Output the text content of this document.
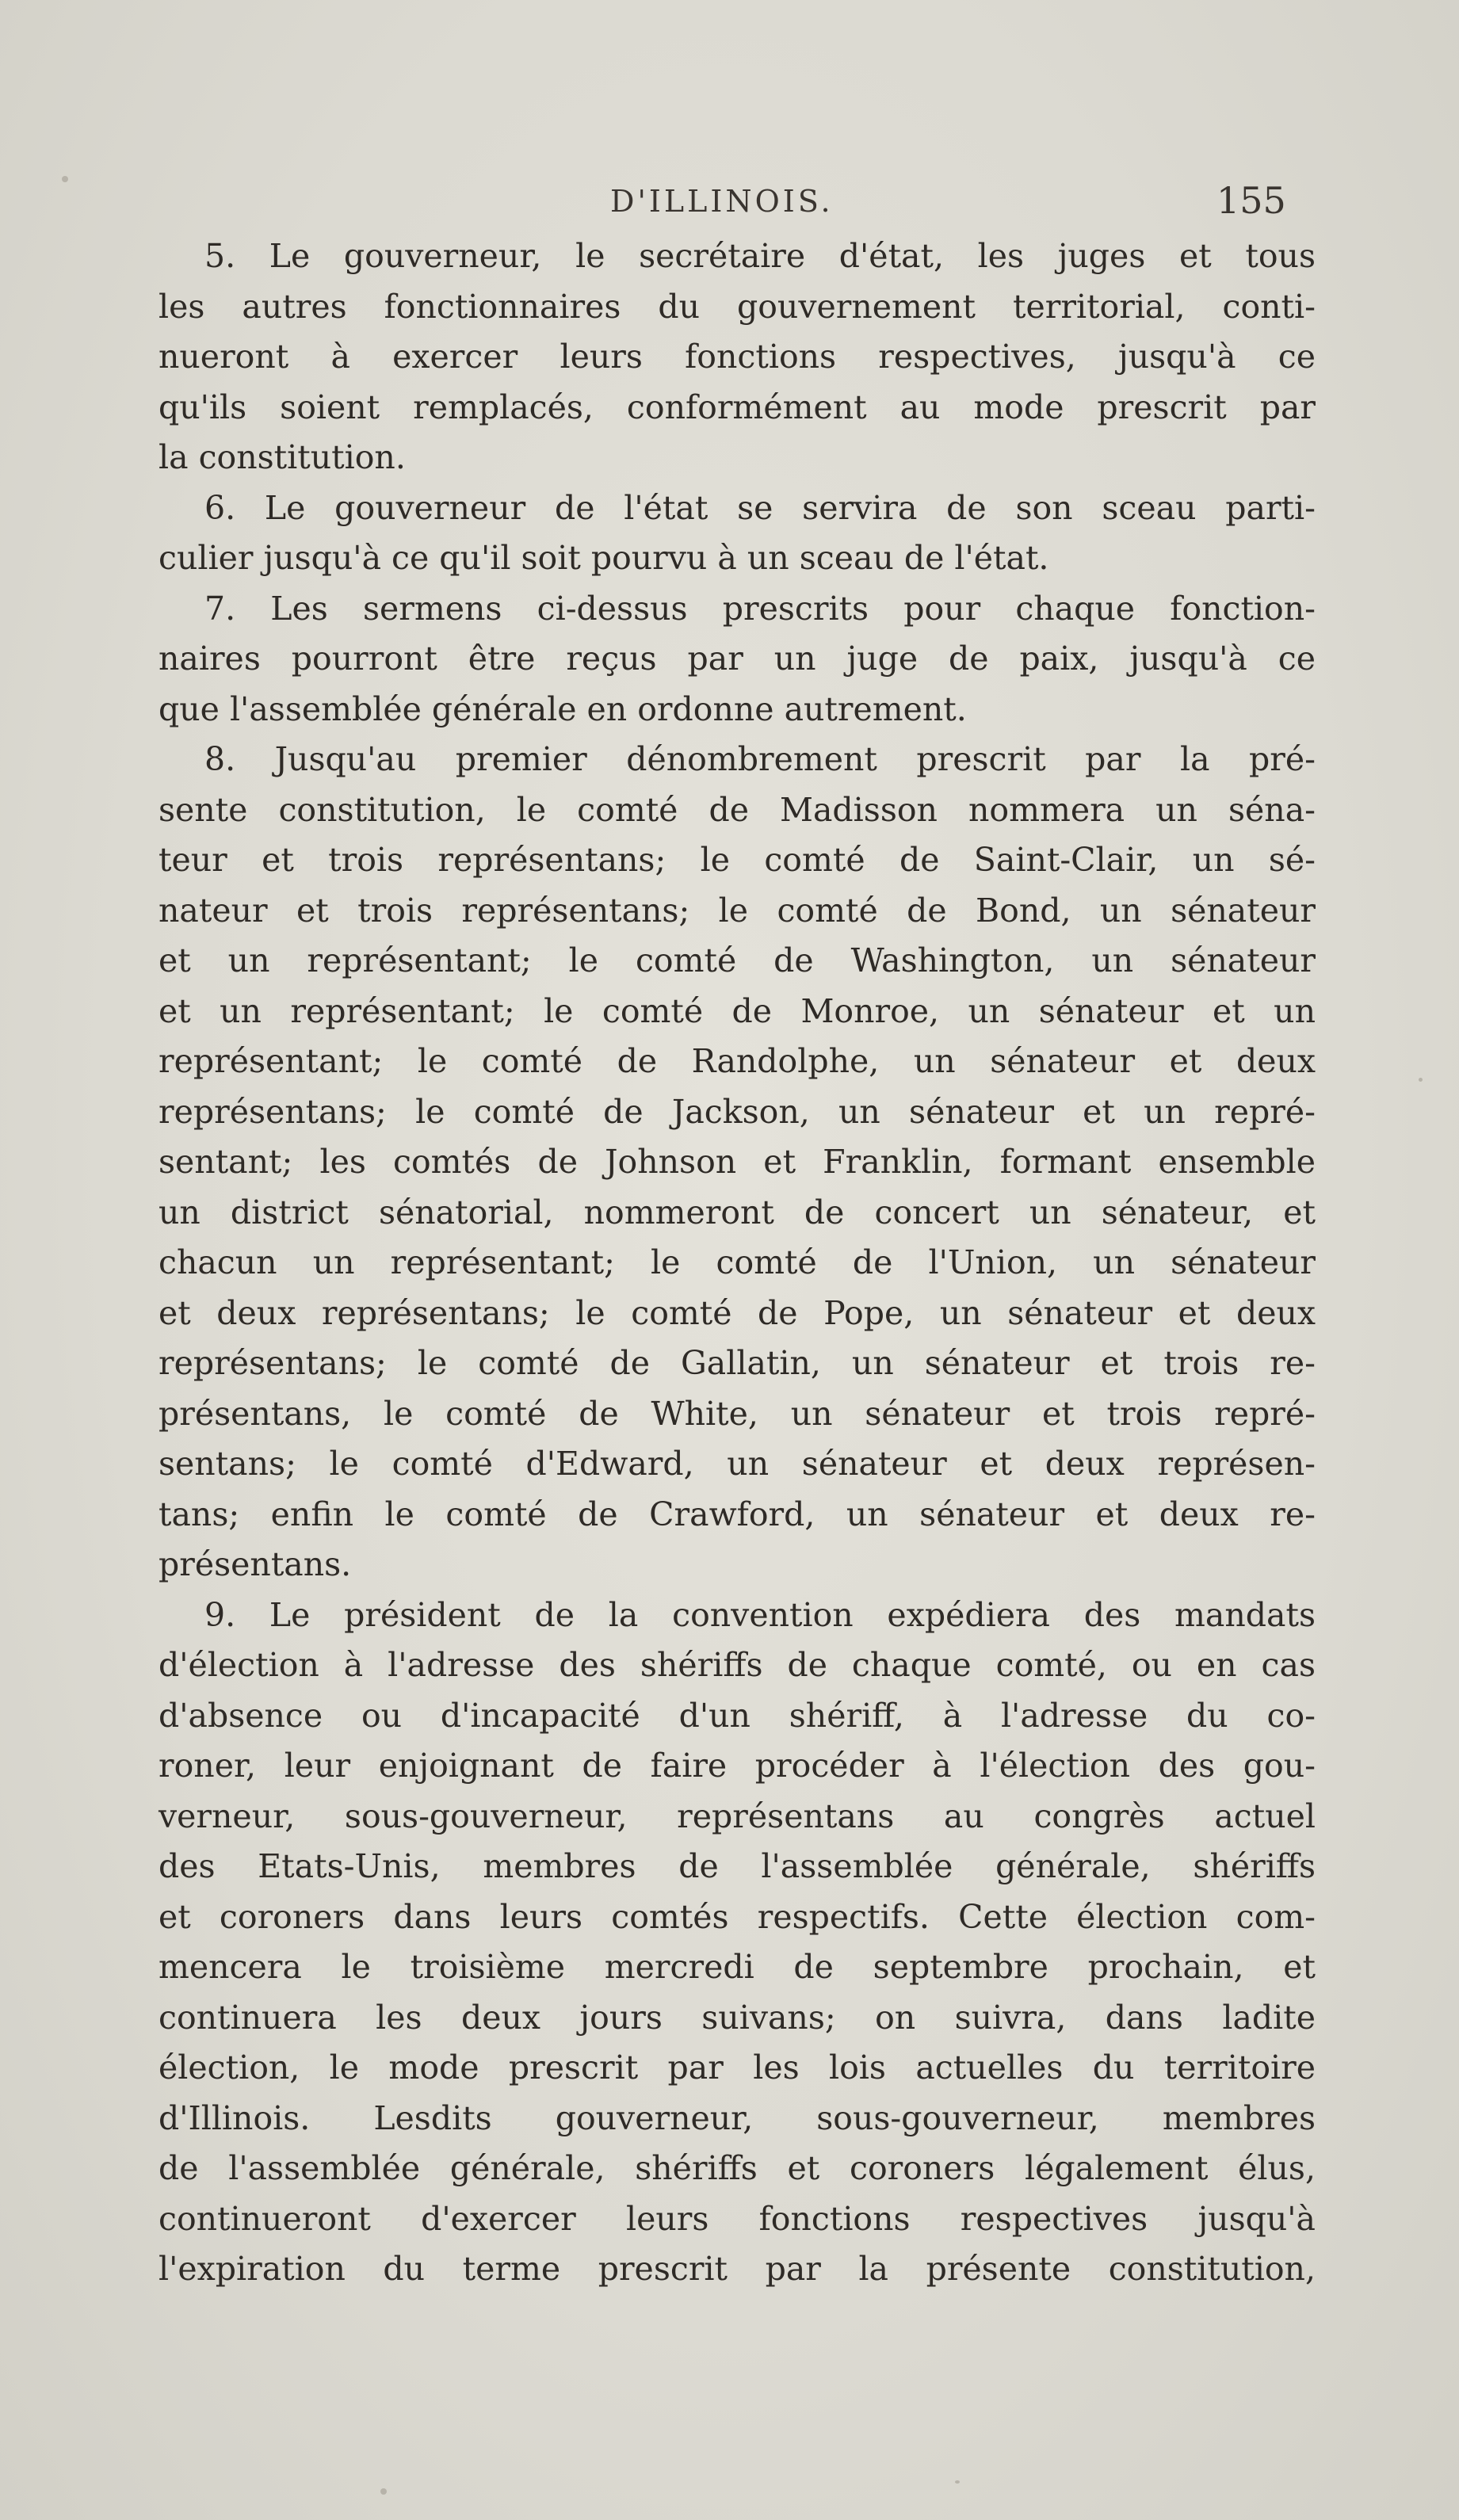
D'ILLINOIS.	155
5. Le gouverneur, le secrétaire d'état, les juges et tous
les autres fonctionnaires du gouvernement territorial, conti-
nueront à exercer leurs fonctions respectives, jusqu'à ce
qu'ils soient remplacés, conformément au mode prescrit par
la constitution.
6. Le gouverneur de l'état se servira de son sceau parti-
culier jusqu'à ce qu'il soit pourvu à un sceau de l'état.
7. Les sermens ci-dessus prescrits pour chaque fonction-
naires pourront être reçus par un juge de paix, jusqu'à ce
que l'assemblée générale en ordonne autrement.
8. Jusqu'au premier dénombrement prescrit par la pré-
sente constitution, le comté de Madisson nommera un séna-
teur et trois représentans; le comté de Saint-Clair, un sé-
nateur et trois représentans; le comté de Bond, un sénateur
et un représentant; le comté de Washington, un sénateur
et un représentant; le comté de Monroe, un sénateur et un
représentant; le comté de Randolphe, un sénateur et deux
représentans; le comté de Jackson, un sénateur et un repré-
sentant; les comtés de Johnson et Franklin, formant ensemble
un district sénatorial, nommeront de concert un sénateur, et
chacun un représentant; le comté de l'Union, un sénateur
et deux représentans; le comté de Pope, un sénateur et deux
représentans; le comté de Gallatin, un sénateur et trois re-
présentans, le comté de White, un sénateur et trois repré-
sentans; le comté d'Edward, un sénateur et deux représen-
tans; enfin le comté de Crawford, un sénateur et deux re-
présentans.
9. Le président de la convention expédiera des mandats
d'élection à l'adresse des shériffs de chaque comté, ou en cas
d'absence ou d'incapacité d'un shériff, à l'adresse du co-
roner, leur enjoignant de faire procéder à l'élection des gou-
verneur, sous-gouverneur, représentans au congrès actuel
des Etats-Unis, membres de l'assemblée générale, shériffs
et coroners dans leurs comtés respectifs. Cette élection com-
mencera le troisième mercredi de septembre prochain, et
continuera les deux jours suivans; on suivra, dans ladite
élection, le mode prescrit par les lois actuelles du territoire
d'Illinois. Lesdits gouverneur, sous-gouverneur, membres
de l'assemblée générale, shériffs et coroners légalement élus,
continueront d'exercer leurs fonctions respectives jusqu'à
l'expiration du terme prescrit par la présente constitution,
